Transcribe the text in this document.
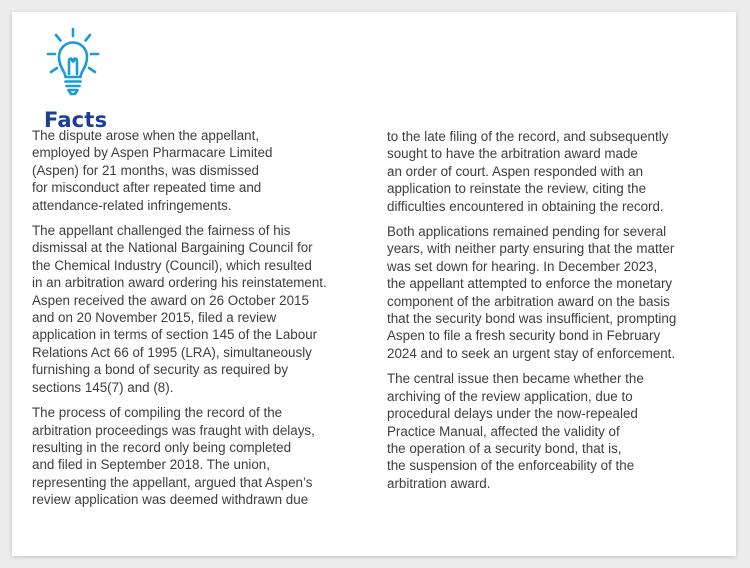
Facts

The dispute arose when the appellant,
employed by Aspen Pharmacare Limited
(Aspen) for 21 months, was dismissed
for misconduct after repeated time and
attendance-related infringements.

The appellant challenged the fairness of his
dismissal at the National Bargaining Council for
the Chemical Industry (Council), which resulted
in an arbitration award ordering his reinstatement.
Aspen received the award on 26 October 2015
and on 20 November 2015, filed a review
application in terms of section 145 of the Labour
Relations Act 66 of 1995 (LRA), simultaneously
furnishing a bond of security as required by
sections 145(7) and (8).

The process of compiling the record of the
arbitration proceedings was fraught with delays,
resulting in the record only being completed
and filed in September 2018. The union,
representing the appellant, argued that Aspen’s
review application was deemed withdrawn due

to the late filing of the record, and subsequently
sought to have the arbitration award made
an order of court. Aspen responded with an
application to reinstate the review, citing the
difficulties encountered in obtaining the record.

Both applications remained pending for several
years, with neither party ensuring that the matter
was set down for hearing. In December 2023,
the appellant attempted to enforce the monetary
component of the arbitration award on the basis
that the security bond was insufficient, prompting
Aspen to file a fresh security bond in February
2024 and to seek an urgent stay of enforcement.

The central issue then became whether the
archiving of the review application, due to
procedural delays under the now-repealed
Practice Manual, affected the validity of
the operation of a security bond, that is,
the suspension of the enforceability of the
arbitration award.
